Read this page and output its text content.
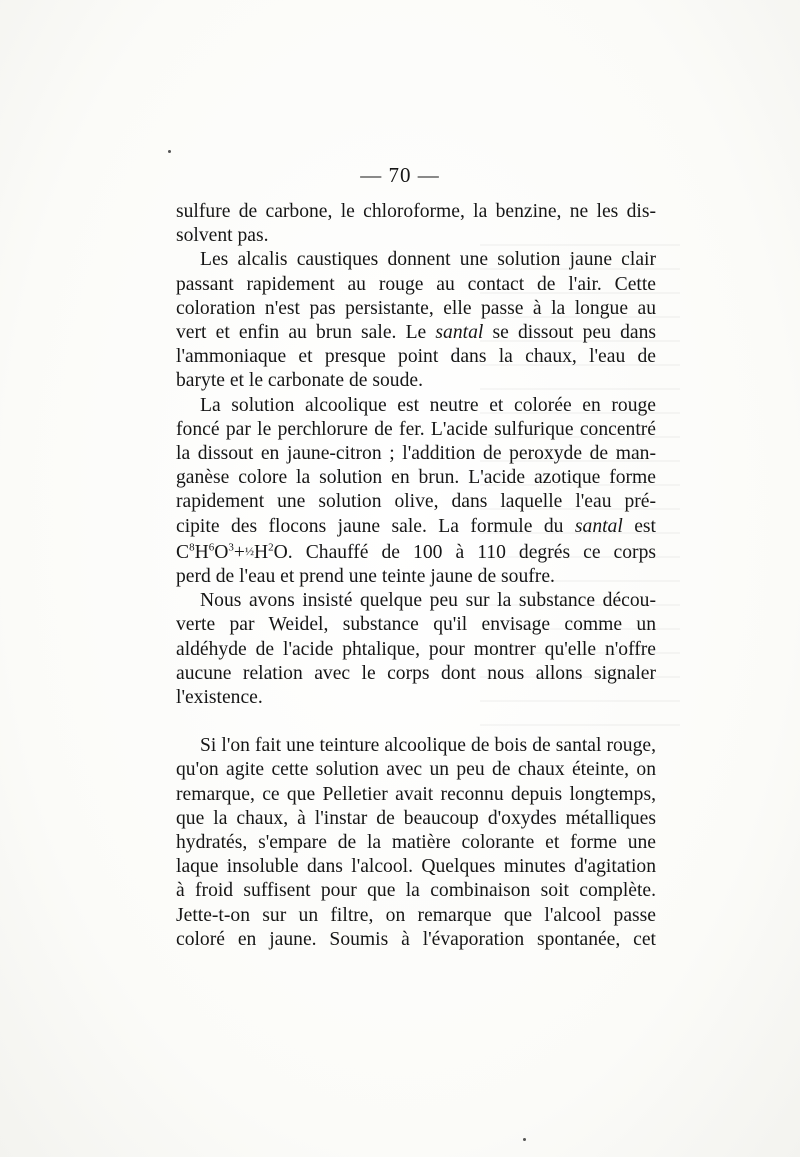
— 70 —
sulfure de carbone, le chloroforme, la benzine, ne les dis-
solvent pas.
Les alcalis caustiques donnent une solution jaune clair
passant rapidement au rouge au contact de l'air. Cette
coloration n'est pas persistante, elle passe à la longue au
vert et enfin au brun sale. Le santal se dissout peu dans
l'ammoniaque et presque point dans la chaux, l'eau de
baryte et le carbonate de soude.
La solution alcoolique est neutre et colorée en rouge
foncé par le perchlorure de fer. L'acide sulfurique concentré
la dissout en jaune-citron ; l'addition de peroxyde de man-
ganèse colore la solution en brun. L'acide azotique forme
rapidement une solution olive, dans laquelle l'eau pré-
cipite des flocons jaune sale. La formule du santal est
$C^8H^6O^3+\frac{1}{2}H^2O$. Chauffé de 100 à 110 degrés ce corps
perd de l'eau et prend une teinte jaune de soufre.
Nous avons insisté quelque peu sur la substance décou-
verte par Weidel, substance qu'il envisage comme un
aldéhyde de l'acide phtalique, pour montrer qu'elle n'offre
aucune relation avec le corps dont nous allons signaler
l'existence.
Si l'on fait une teinture alcoolique de bois de santal rouge,
qu'on agite cette solution avec un peu de chaux éteinte, on
remarque, ce que Pelletier avait reconnu depuis longtemps,
que la chaux, à l'instar de beaucoup d'oxydes métalliques
hydratés, s'empare de la matière colorante et forme une
laque insoluble dans l'alcool. Quelques minutes d'agitation
à froid suffisent pour que la combinaison soit complète.
Jette-t-on sur un filtre, on remarque que l'alcool passe
coloré en jaune. Soumis à l'évaporation spontanée, cet
